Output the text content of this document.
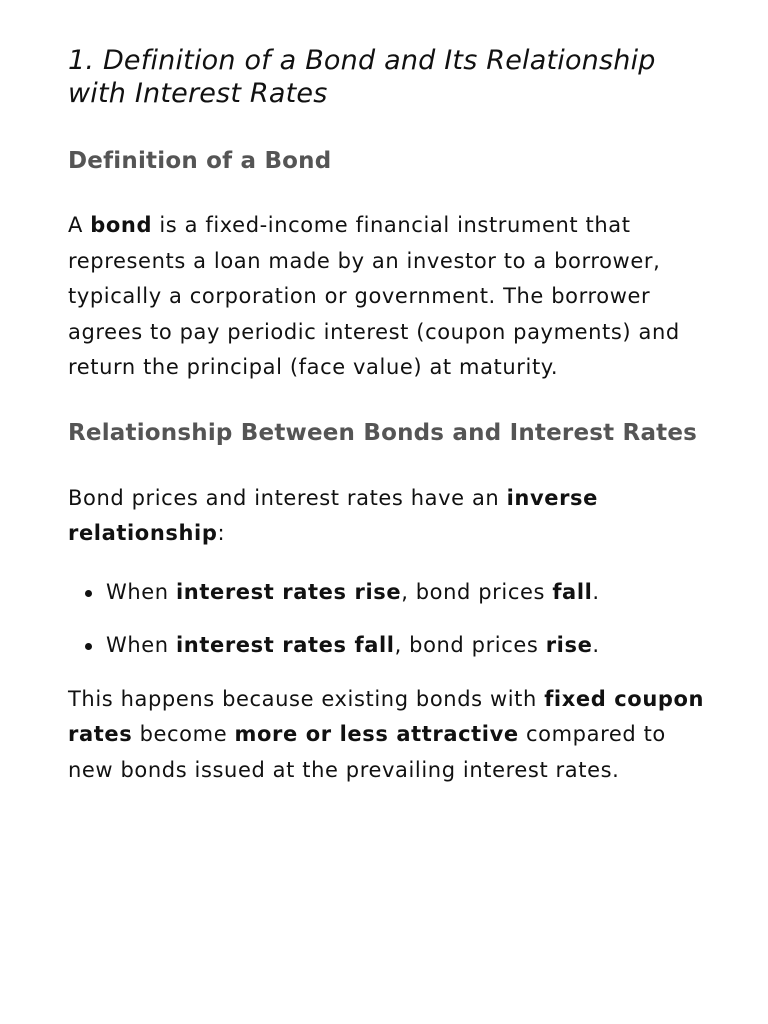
1. Definition of a Bond and Its Relationship with Interest Rates
Definition of a Bond

A bond is a fixed-income financial instrument that represents a loan made by an investor to a borrower, typically a corporation or government. The borrower agrees to pay periodic interest (coupon payments) and return the principal (face value) at maturity.

Relationship Between Bonds and Interest Rates

Bond prices and interest rates have an inverse relationship:

When interest rates rise, bond prices fall.
When interest rates fall, bond prices rise.

This happens because existing bonds with fixed coupon rates become more or less attractive compared to new bonds issued at the prevailing interest rates.
